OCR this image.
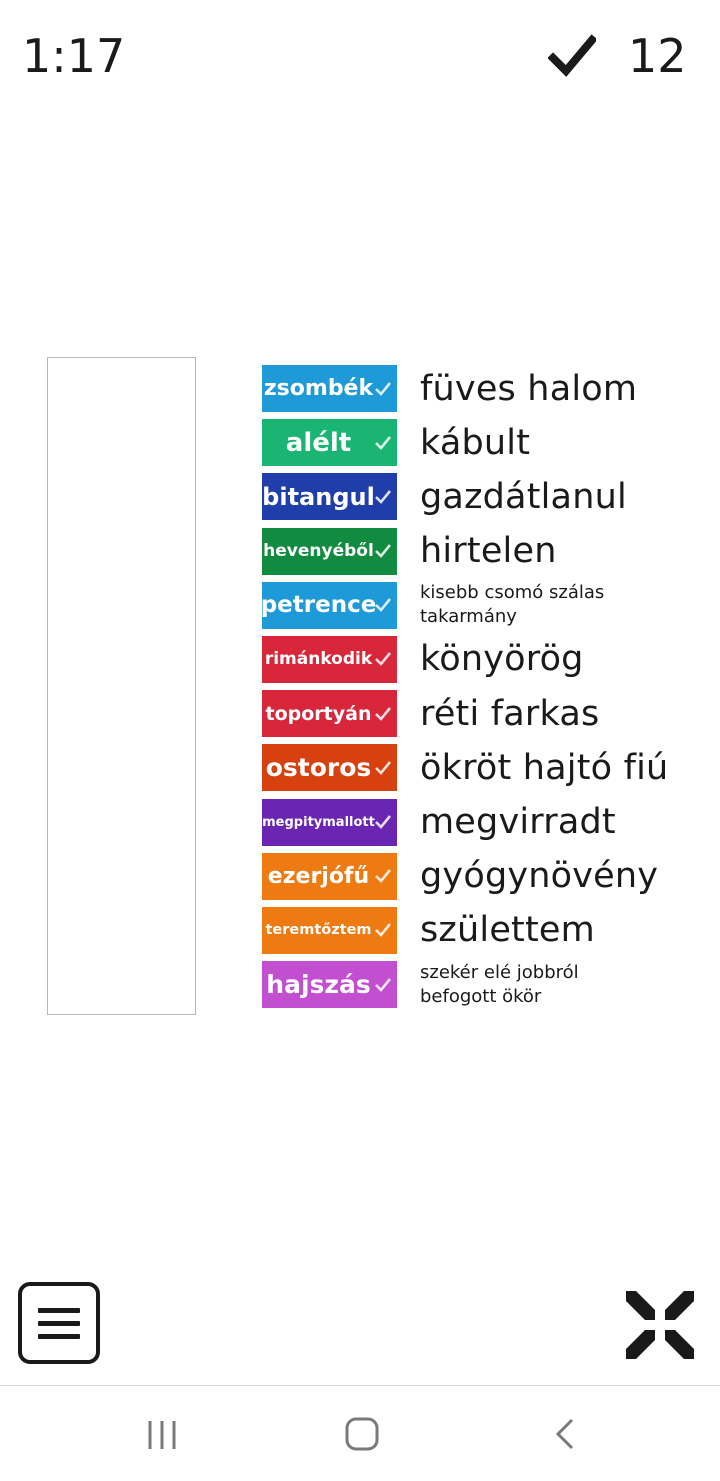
1:17	12
zsombék füves halom
alélt kábult
bitangul gazdátlanul
hevenyéből hirtelen
petrence kisebb csomó szálas takarmány
rimánkodik könyörög
toportyán réti farkas
ostoros ökröt hajtó fiú
megpitymallott megvirradt
ezerjófű gyógynövény
teremtőztem születtem
hajszás	szekér elé jobbról befogott ökör
